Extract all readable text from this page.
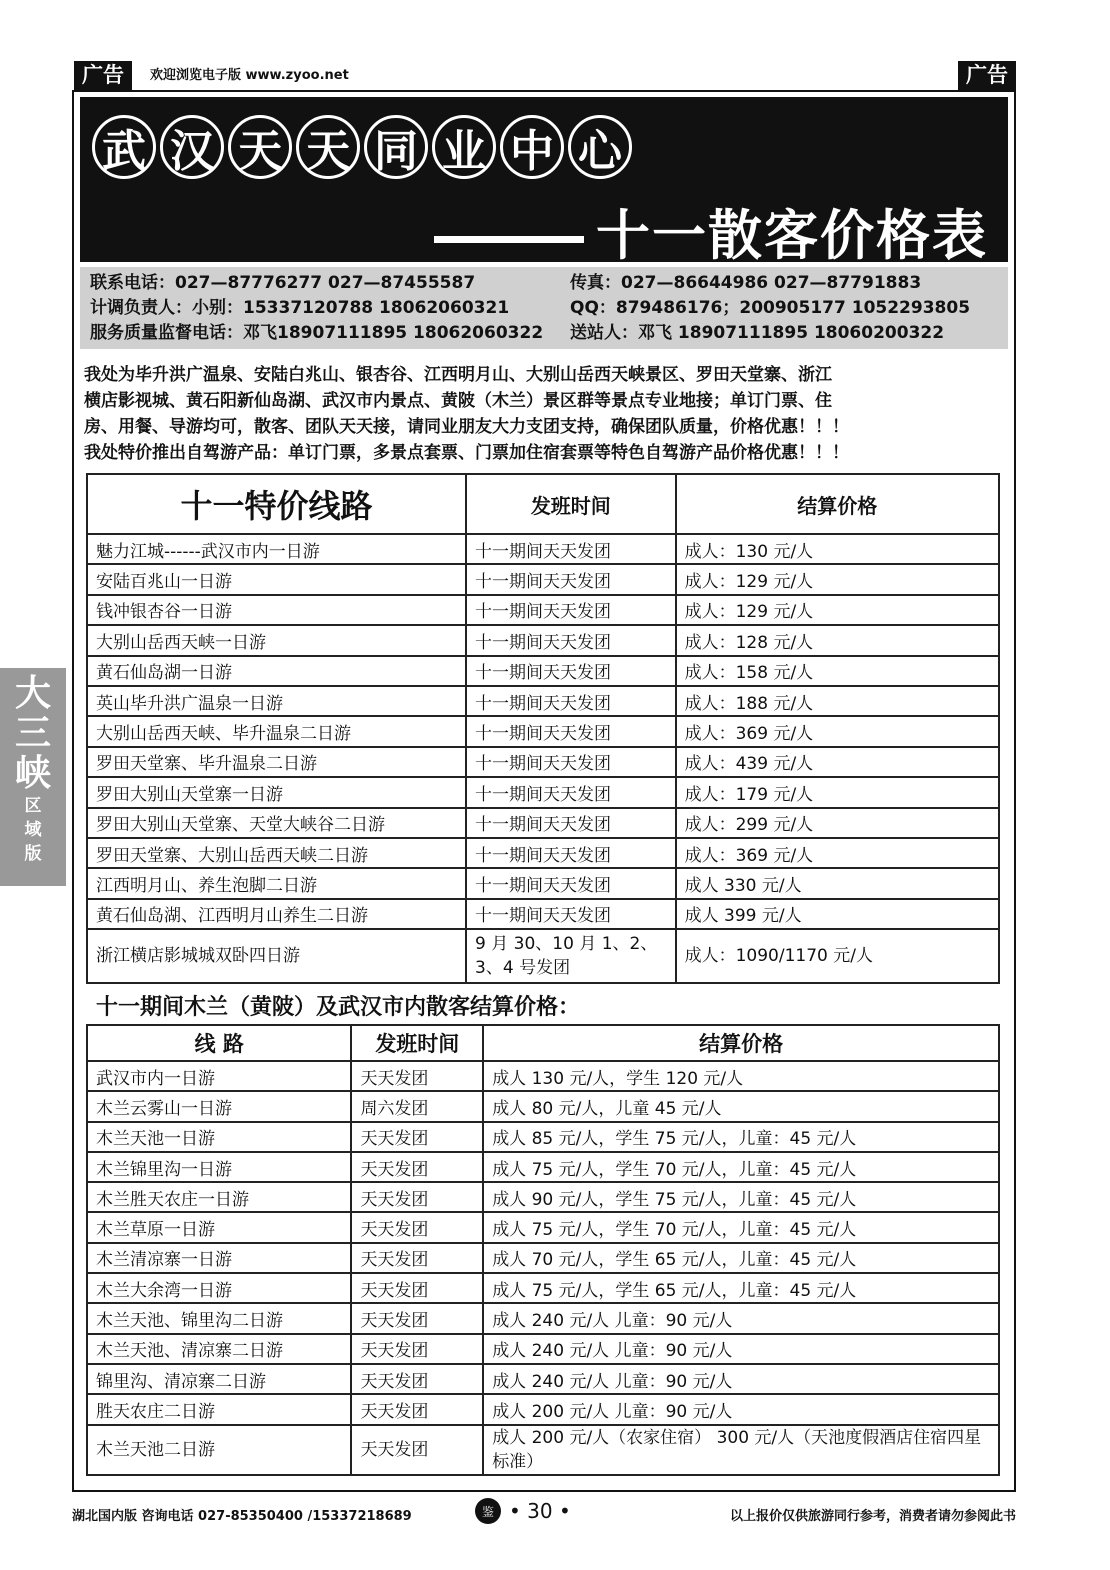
广告	欢迎浏览电子版 www.zyoo.net	广告
武 汉 天 天 同 业 中 心
十一散客价格表
联系电话：027—87776277 027—87455587	传真：027—86644986 027—87791883
计调负责人：小别：15337120788 18062060321	QQ：879486176；200905177 1052293805
服务质量监督电话：邓飞18907111895 18062060322	送站人：邓飞 18907111895 18060200322
我处为毕升洪广温泉、安陆白兆山、银杏谷、江西明月山、大别山岳西天峡景区、罗田天堂寨、浙江
横店影视城、黄石阳新仙岛湖、武汉市内景点、黄陂（木兰）景区群等景点专业地接；单订门票、住
房、用餐、导游均可，散客、团队天天接，请同业朋友大力支团支持，确保团队质量，价格优惠！！！
我处特价推出自驾游产品：单订门票，多景点套票、门票加住宿套票等特色自驾游产品价格优惠！！！
十一特价线路	发班时间	结算价格
魅力江城------武汉市内一日游	十一期间天天发团	成人：130 元/人
安陆百兆山一日游	十一期间天天发团	成人：129 元/人
钱冲银杏谷一日游	十一期间天天发团	成人：129 元/人
大别山岳西天峡一日游	十一期间天天发团	成人：128 元/人
黄石仙岛湖一日游	十一期间天天发团	成人：158 元/人
英山毕升洪广温泉一日游	十一期间天天发团	成人：188 元/人
大别山岳西天峡、毕升温泉二日游	十一期间天天发团	成人：369 元/人
罗田天堂寨、毕升温泉二日游	十一期间天天发团	成人：439 元/人
罗田大别山天堂寨一日游	十一期间天天发团	成人：179 元/人
罗田大别山天堂寨、天堂大峡谷二日游	十一期间天天发团	成人：299 元/人
罗田天堂寨、大别山岳西天峡二日游	十一期间天天发团	成人：369 元/人
江西明月山、养生泡脚二日游	十一期间天天发团	成人 330 元/人
黄石仙岛湖、江西明月山养生二日游	十一期间天天发团	成人 399 元/人
浙江横店影城城双卧四日游	9 月 30、10 月 1、2、3、4 号发团	成人：1090/1170 元/人
十一期间木兰（黄陂）及武汉市内散客结算价格：
线 路	发班时间	结算价格
武汉市内一日游	天天发团	成人 130 元/人，学生 120 元/人
木兰云雾山一日游	周六发团	成人 80 元/人，儿童 45 元/人
木兰天池一日游	天天发团	成人 85 元/人，学生 75 元/人，儿童：45 元/人
木兰锦里沟一日游	天天发团	成人 75 元/人，学生 70 元/人，儿童：45 元/人
木兰胜天农庄一日游	天天发团	成人 90 元/人，学生 75 元/人，儿童：45 元/人
木兰草原一日游	天天发团	成人 75 元/人，学生 70 元/人，儿童：45 元/人
木兰清凉寨一日游	天天发团	成人 70 元/人，学生 65 元/人，儿童：45 元/人
木兰大余湾一日游	天天发团	成人 75 元/人，学生 65 元/人，儿童：45 元/人
木兰天池、锦里沟二日游	天天发团	成人 240 元/人 儿童：90 元/人
木兰天池、清凉寨二日游	天天发团	成人 240 元/人 儿童：90 元/人
锦里沟、清凉寨二日游	天天发团	成人 240 元/人 儿童：90 元/人
胜天农庄二日游	天天发团	成人 200 元/人 儿童：90 元/人
木兰天池二日游	天天发团	成人 200 元/人（农家住宿） 300 元/人（天池度假酒店住宿四星标准）
大
三
峡
区
域
版
湖北国内版 咨询电话 027-85350400 /15337218689	鉴 • 30 •	以上报价仅供旅游同行参考，消费者请勿参阅此书
